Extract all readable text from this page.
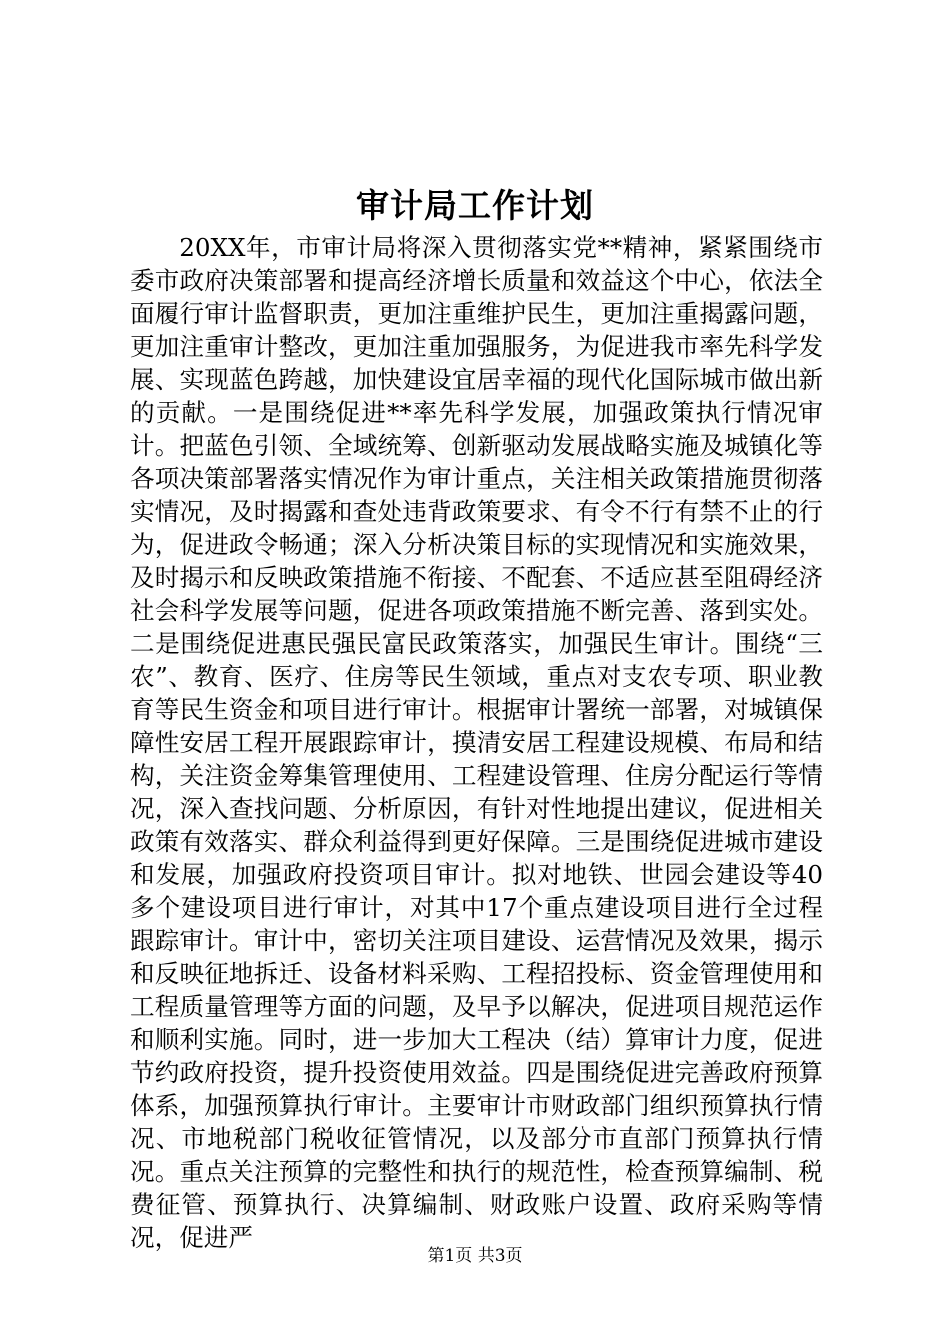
审计局工作计划

20XX年，市审计局将深入贯彻落实党**精神，紧紧围绕市委市政府决策部署和提高经济增长质量和效益这个中心，依法全面履行审计监督职责，更加注重维护民生，更加注重揭露问题，更加注重审计整改，更加注重加强服务，为促进我市率先科学发展、实现蓝色跨越，加快建设宜居幸福的现代化国际城市做出新的贡献。一是围绕促进**率先科学发展，加强政策执行情况审计。把蓝色引领、全域统筹、创新驱动发展战略实施及城镇化等各项决策部署落实情况作为审计重点，关注相关政策措施贯彻落实情况，及时揭露和查处违背政策要求、有令不行有禁不止的行为，促进政令畅通；深入分析决策目标的实现情况和实施效果，及时揭示和反映政策措施不衔接、不配套、不适应甚至阻碍经济社会科学发展等问题，促进各项政策措施不断完善、落到实处。二是围绕促进惠民强民富民政策落实，加强民生审计。围绕“三农”、教育、医疗、住房等民生领域，重点对支农专项、职业教育等民生资金和项目进行审计。根据审计署统一部署，对城镇保障性安居工程开展跟踪审计，摸清安居工程建设规模、布局和结构，关注资金筹集管理使用、工程建设管理、住房分配运行等情况，深入查找问题、分析原因，有针对性地提出建议，促进相关政策有效落实、群众利益得到更好保障。三是围绕促进城市建设和发展，加强政府投资项目审计。拟对地铁、世园会建设等40多个建设项目进行审计，对其中17个重点建设项目进行全过程跟踪审计。审计中，密切关注项目建设、运营情况及效果，揭示和反映征地拆迁、设备材料采购、工程招投标、资金管理使用和工程质量管理等方面的问题，及早予以解决，促进项目规范运作和顺利实施。同时，进一步加大工程决（结）算审计力度，促进节约政府投资，提升投资使用效益。四是围绕促进完善政府预算体系，加强预算执行审计。主要审计市财政部门组织预算执行情况、市地税部门税收征管情况，以及部分市直部门预算执行情况。重点关注预算的完整性和执行的规范性，检查预算编制、税费征管、预算执行、决算编制、财政账户设置、政府采购等情况，促进严

第1页 共3页
